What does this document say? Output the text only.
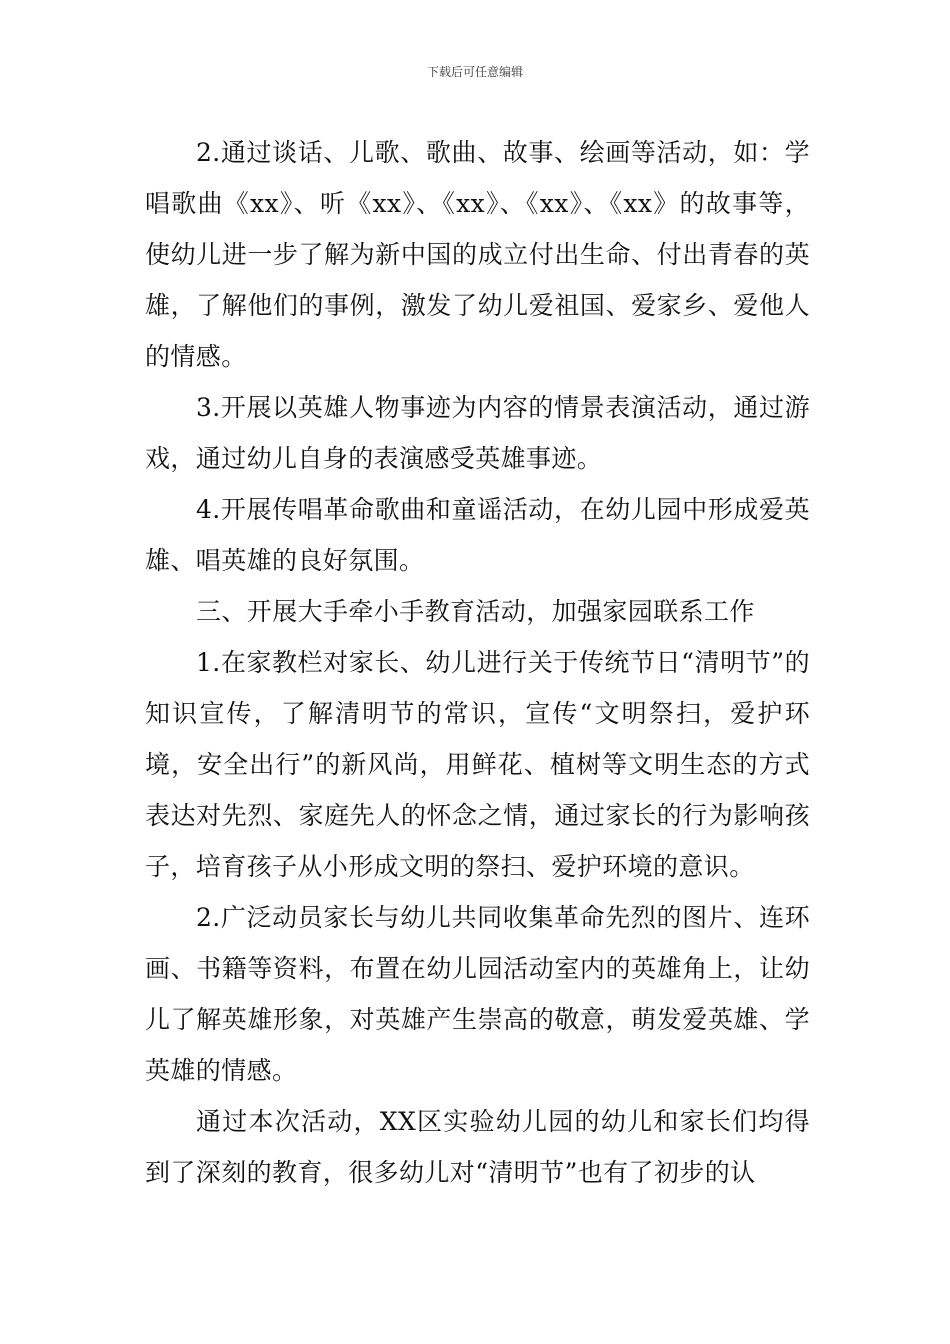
下载后可任意编辑

2.通过谈话、儿歌、歌曲、故事、绘画等活动，如：学唱歌曲《xx》、听《xx》、《xx》、《xx》、《xx》的故事等，使幼儿进一步了解为新中国的成立付出生命、付出青春的英雄，了解他们的事例，激发了幼儿爱祖国、爱家乡、爱他人的情感。

3.开展以英雄人物事迹为内容的情景表演活动，通过游戏，通过幼儿自身的表演感受英雄事迹。

4.开展传唱革命歌曲和童谣活动，在幼儿园中形成爱英雄、唱英雄的良好氛围。

三、开展大手牵小手教育活动，加强家园联系工作

1.在家教栏对家长、幼儿进行关于传统节日“清明节”的知识宣传，了解清明节的常识，宣传“文明祭扫，爱护环境，安全出行”的新风尚，用鲜花、植树等文明生态的方式表达对先烈、家庭先人的怀念之情，通过家长的行为影响孩子，培育孩子从小形成文明的祭扫、爱护环境的意识。

2.广泛动员家长与幼儿共同收集革命先烈的图片、连环画、书籍等资料，布置在幼儿园活动室内的英雄角上，让幼儿了解英雄形象，对英雄产生崇高的敬意，萌发爱英雄、学英雄的情感。

通过本次活动，XX区实验幼儿园的幼儿和家长们均得到了深刻的教育，很多幼儿对“清明节”也有了初步的认
